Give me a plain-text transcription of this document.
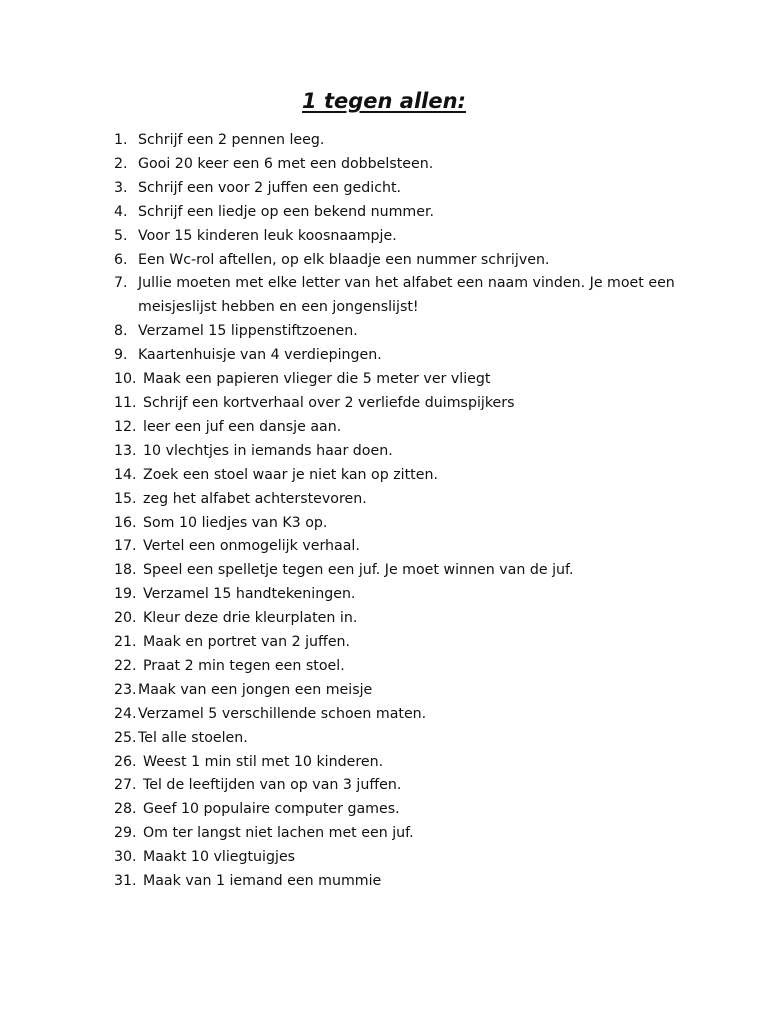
1 tegen allen:
1. Schrijf een 2 pennen leeg.
2. Gooi 20 keer een 6 met een dobbelsteen.
3. Schrijf een voor 2 juffen een gedicht.
4. Schrijf een liedje op een bekend nummer.
5. Voor 15 kinderen leuk koosnaampje.
6. Een Wc-rol aftellen, op elk blaadje een nummer schrijven.
7. Jullie moeten met elke letter van het alfabet een naam vinden. Je moet een meisjeslijst hebben en een jongenslijst!
8. Verzamel 15 lippenstiftzoenen.
9. Kaartenhuisje van 4 verdiepingen.
10. Maak een papieren vlieger die 5 meter ver vliegt
11. Schrijf een kortverhaal over 2 verliefde duimspijkers
12. leer een juf een dansje aan.
13. 10 vlechtjes in iemands haar doen.
14. Zoek een stoel waar je niet kan op zitten.
15. zeg het alfabet achterstevoren.
16. Som 10 liedjes van K3 op.
17. Vertel een onmogelijk verhaal.
18. Speel een spelletje tegen een juf. Je moet winnen van de juf.
19. Verzamel 15 handtekeningen.
20. Kleur deze drie kleurplaten in.
21. Maak en portret van 2 juffen.
22. Praat 2 min tegen een stoel.
23. Maak van een jongen een meisje
24. Verzamel 5 verschillende schoen maten.
25. Tel alle stoelen.
26. Weest 1 min stil met 10 kinderen.
27. Tel de leeftijden van op van 3 juffen.
28. Geef 10 populaire computer games.
29. Om ter langst niet lachen met een juf.
30. Maakt 10 vliegtuigjes
31. Maak van 1 iemand een mummie
